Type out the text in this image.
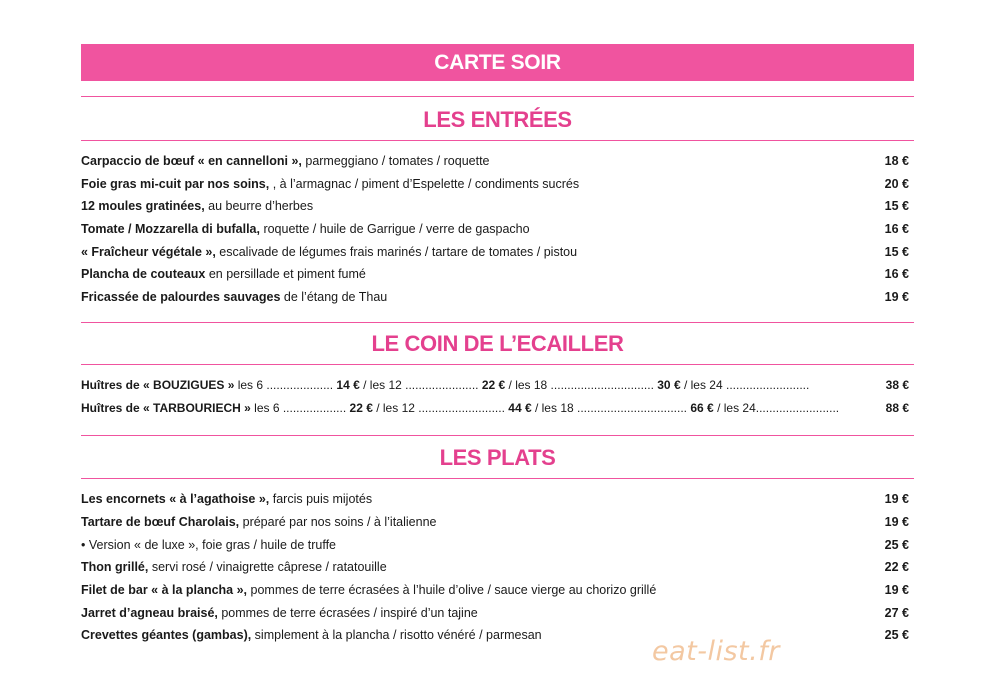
CARTE SOIR
LES ENTRÉES
Carpaccio de bœuf « en cannelloni », parmeggiano / tomates / roquette	18 €
Foie gras mi-cuit par nos soins, , à l’armagnac / piment d’Espelette / condiments sucrés	20 €
12 moules gratinées, au beurre d’herbes	15 €
Tomate / Mozzarella di bufalla, roquette / huile de Garrigue / verre de gaspacho	16 €
« Fraîcheur végétale », escalivade de légumes frais marinés / tartare de tomates / pistou	15 €
Plancha de couteaux en persillade et piment fumé	16 €
Fricassée de palourdes sauvages de l’étang de Thau	19 €
LE COIN DE L’ECAILLER
Huîtres de « BOUZIGUES » les 6 .................... 14 € / les 12 ...................... 22 € / les 18 ............................... 30 € / les 24 .........................	38 €
Huîtres de « TARBOURIECH » les 6 ................... 22 € / les 12 .......................... 44 € / les 18 ................................. 66 € / les 24.........................	88 €
LES PLATS
Les encornets « à l’agathoise », farcis puis mijotés	19 €
Tartare de bœuf Charolais, préparé par nos soins / à l’italienne	19 €
• Version « de luxe », foie gras / huile de truffe	25 €
Thon grillé, servi rosé / vinaigrette câprese / ratatouille	22 €
Filet de bar « à la plancha », pommes de terre écrasées à l’huile d’olive / sauce vierge au chorizo grillé	19 €
Jarret d’agneau braisé, pommes de terre écrasées / inspiré d’un tajine	27 €
Crevettes géantes (gambas), simplement à la plancha / risotto vénéré / parmesan	25 €
eat-list.fr
